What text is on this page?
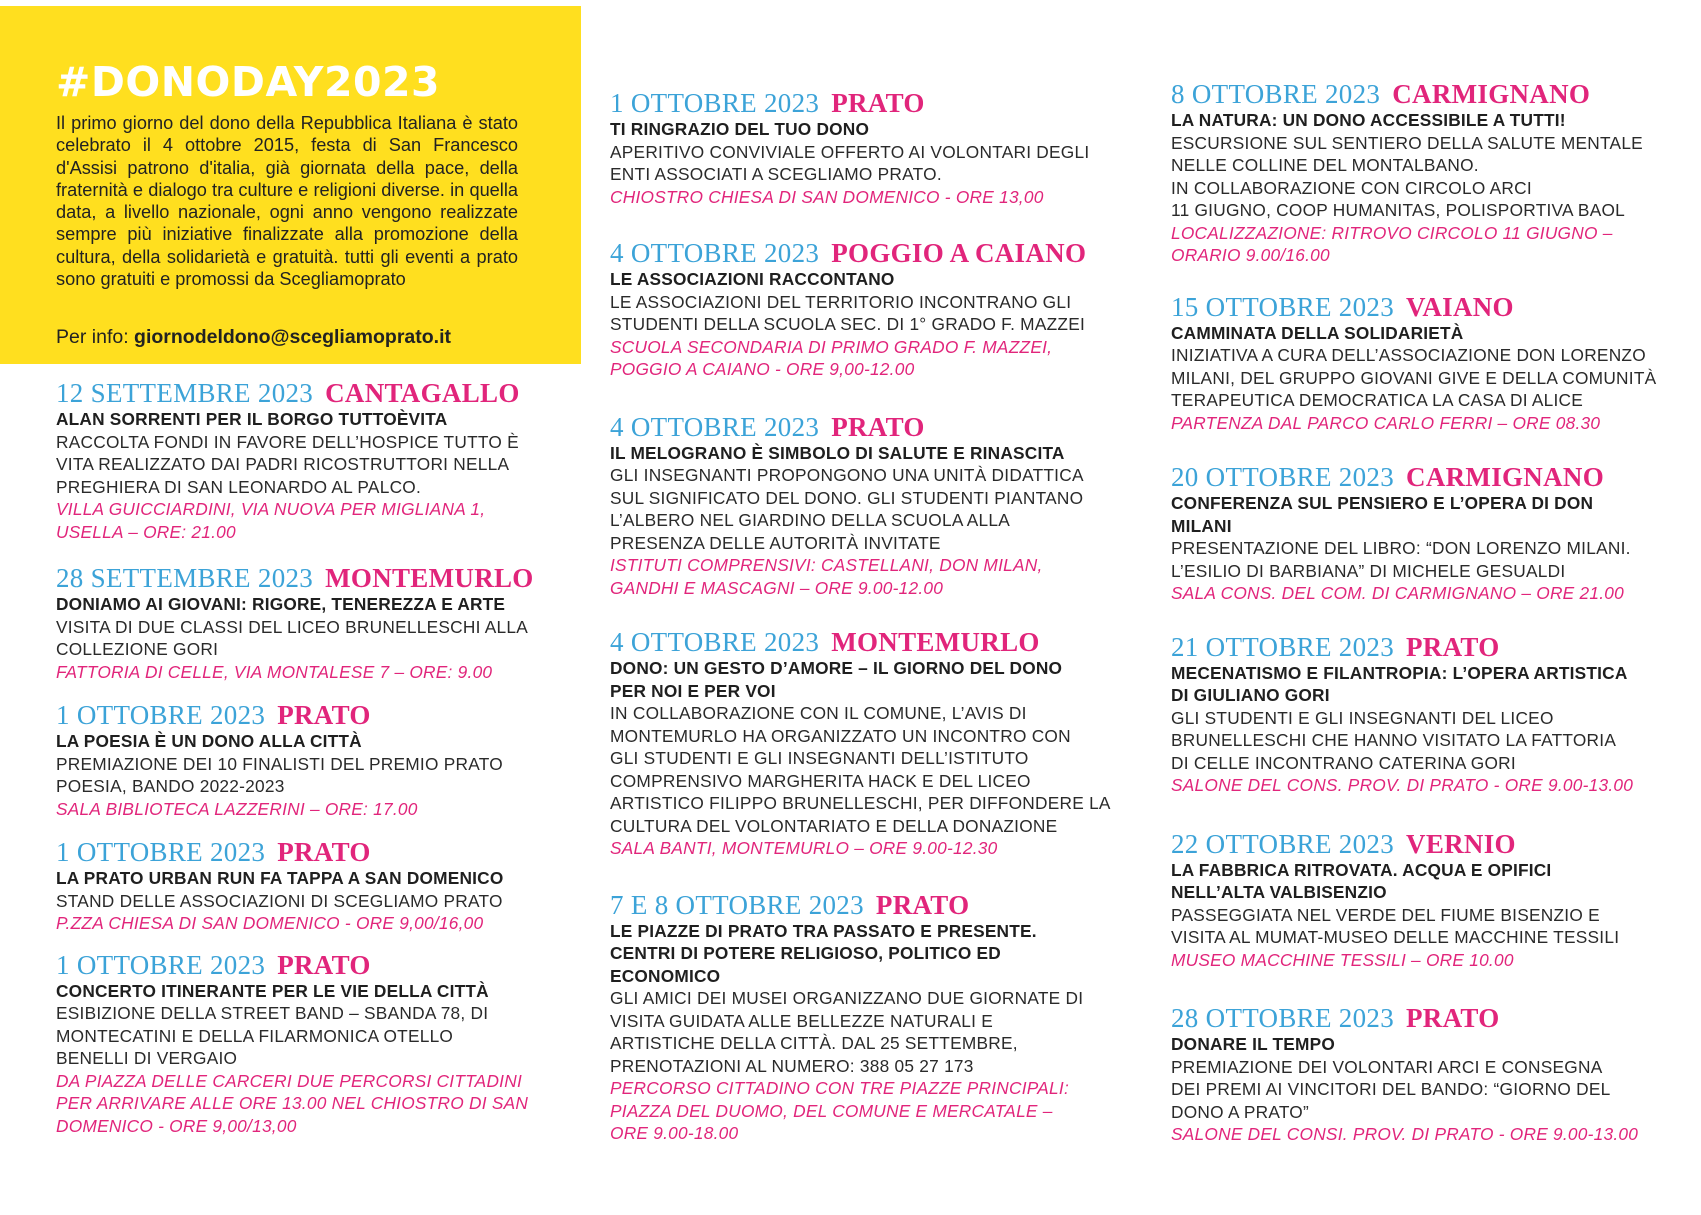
#DONODAY2023

Il primo giorno del dono della Repubblica Italiana è stato celebrato il 4 ottobre 2015, festa di San Francesco d'Assisi patrono d'italia, già giornata della pace, della fraternità e dialogo tra culture e religioni diverse. in quella data, a livello nazionale, ogni anno vengono realizzate sempre più iniziative finalizzate alla promozione della cultura, della solidarietà e gratuità. tutti gli eventi a prato sono gratuiti e promossi da Scegliamoprato

Per info: giornodeldono@scegliamoprato.it
12 SETTEMBRE 2023 CANTAGALLO
ALAN SORRENTI PER IL BORGO TUTTOÈVITA
RACCOLTA FONDI IN FAVORE DELL’HOSPICE TUTTO È
VITA REALIZZATO DAI PADRI RICOSTRUTTORI NELLA
PREGHIERA DI SAN LEONARDO AL PALCO.
VILLA GUICCIARDINI, VIA NUOVA PER MIGLIANA 1,
USELLA – ORE: 21.00
28 SETTEMBRE 2023 MONTEMURLO
DONIAMO AI GIOVANI: RIGORE, TENEREZZA E ARTE
VISITA DI DUE CLASSI DEL LICEO BRUNELLESCHI ALLA
COLLEZIONE GORI
FATTORIA DI CELLE, VIA MONTALESE 7 – ORE: 9.00
1 OTTOBRE 2023 PRATO
LA POESIA È UN DONO ALLA CITTÀ
PREMIAZIONE DEI 10 FINALISTI DEL PREMIO PRATO
POESIA, BANDO 2022-2023
SALA BIBLIOTECA LAZZERINI – ORE: 17.00
1 OTTOBRE 2023 PRATO
LA PRATO URBAN RUN FA TAPPA A SAN DOMENICO
STAND DELLE ASSOCIAZIONI DI SCEGLIAMO PRATO
P.ZZA CHIESA DI SAN DOMENICO - ORE 9,00/16,00
1 OTTOBRE 2023 PRATO
CONCERTO ITINERANTE PER LE VIE DELLA CITTÀ
ESIBIZIONE DELLA STREET BAND – SBANDA 78, DI
MONTECATINI E DELLA FILARMONICA OTELLO
BENELLI DI VERGAIO
DA PIAZZA DELLE CARCERI DUE PERCORSI CITTADINI
PER ARRIVARE ALLE ORE 13.00 NEL CHIOSTRO DI SAN
DOMENICO - ORE 9,00/13,00
1 OTTOBRE 2023 PRATO
TI RINGRAZIO DEL TUO DONO
APERITIVO CONVIVIALE OFFERTO AI VOLONTARI DEGLI
ENTI ASSOCIATI A SCEGLIAMO PRATO.
CHIOSTRO CHIESA DI SAN DOMENICO - ORE 13,00
4 OTTOBRE 2023 POGGIO A CAIANO
LE ASSOCIAZIONI RACCONTANO
LE ASSOCIAZIONI DEL TERRITORIO INCONTRANO GLI
STUDENTI DELLA SCUOLA SEC. DI 1° GRADO F. MAZZEI
SCUOLA SECONDARIA DI PRIMO GRADO F. MAZZEI,
POGGIO A CAIANO - ORE 9,00-12.00
4 OTTOBRE 2023 PRATO
IL MELOGRANO È SIMBOLO DI SALUTE E RINASCITA
GLI INSEGNANTI PROPONGONO UNA UNITÀ DIDATTICA
SUL SIGNIFICATO DEL DONO. GLI STUDENTI PIANTANO
L’ALBERO NEL GIARDINO DELLA SCUOLA ALLA
PRESENZA DELLE AUTORITÀ INVITATE
ISTITUTI COMPRENSIVI: CASTELLANI, DON MILAN,
GANDHI E MASCAGNI – ORE 9.00-12.00
4 OTTOBRE 2023 MONTEMURLO
DONO: UN GESTO D’AMORE – IL GIORNO DEL DONO
PER NOI E PER VOI
IN COLLABORAZIONE CON IL COMUNE, L’AVIS DI
MONTEMURLO HA ORGANIZZATO UN INCONTRO CON
GLI STUDENTI E GLI INSEGNANTI DELL’ISTITUTO
COMPRENSIVO MARGHERITA HACK E DEL LICEO
ARTISTICO FILIPPO BRUNELLESCHI, PER DIFFONDERE LA
CULTURA DEL VOLONTARIATO E DELLA DONAZIONE
SALA BANTI, MONTEMURLO – ORE 9.00-12.30
7 E 8 OTTOBRE 2023 PRATO
LE PIAZZE DI PRATO TRA PASSATO E PRESENTE.
CENTRI DI POTERE RELIGIOSO, POLITICO ED
ECONOMICO
GLI AMICI DEI MUSEI ORGANIZZANO DUE GIORNATE DI
VISITA GUIDATA ALLE BELLEZZE NATURALI E
ARTISTICHE DELLA CITTÀ. DAL 25 SETTEMBRE,
PRENOTAZIONI AL NUMERO: 388 05 27 173
PERCORSO CITTADINO CON TRE PIAZZE PRINCIPALI:
PIAZZA DEL DUOMO, DEL COMUNE E MERCATALE –
ORE 9.00-18.00
8 OTTOBRE 2023 CARMIGNANO
LA NATURA: UN DONO ACCESSIBILE A TUTTI!
ESCURSIONE SUL SENTIERO DELLA SALUTE MENTALE
NELLE COLLINE DEL MONTALBANO.
IN COLLABORAZIONE CON CIRCOLO ARCI
11 GIUGNO, COOP HUMANITAS, POLISPORTIVA BAOL
LOCALIZZAZIONE: RITROVO CIRCOLO 11 GIUGNO –
ORARIO 9.00/16.00
15 OTTOBRE 2023 VAIANO
CAMMINATA DELLA SOLIDARIETÀ
INIZIATIVA A CURA DELL’ASSOCIAZIONE DON LORENZO
MILANI, DEL GRUPPO GIOVANI GIVE E DELLA COMUNITÀ
TERAPEUTICA DEMOCRATICA LA CASA DI ALICE
PARTENZA DAL PARCO CARLO FERRI – ORE 08.30
20 OTTOBRE 2023 CARMIGNANO
CONFERENZA SUL PENSIERO E L’OPERA DI DON
MILANI
PRESENTAZIONE DEL LIBRO: “DON LORENZO MILANI.
L’ESILIO DI BARBIANA” DI MICHELE GESUALDI
SALA CONS. DEL COM. DI CARMIGNANO – ORE 21.00
21 OTTOBRE 2023 PRATO
MECENATISMO E FILANTROPIA: L’OPERA ARTISTICA
DI GIULIANO GORI
GLI STUDENTI E GLI INSEGNANTI DEL LICEO
BRUNELLESCHI CHE HANNO VISITATO LA FATTORIA
DI CELLE INCONTRANO CATERINA GORI
SALONE DEL CONS. PROV. DI PRATO - ORE 9.00-13.00
22 OTTOBRE 2023 VERNIO
LA FABBRICA RITROVATA. ACQUA E OPIFICI
NELL’ALTA VALBISENZIO
PASSEGGIATA NEL VERDE DEL FIUME BISENZIO E
VISITA AL MUMAT-MUSEO DELLE MACCHINE TESSILI
MUSEO MACCHINE TESSILI – ORE 10.00
28 OTTOBRE 2023 PRATO
DONARE IL TEMPO
PREMIAZIONE DEI VOLONTARI ARCI E CONSEGNA
DEI PREMI AI VINCITORI DEL BANDO: “GIORNO DEL
DONO A PRATO”
SALONE DEL CONSI. PROV. DI PRATO - ORE 9.00-13.00
